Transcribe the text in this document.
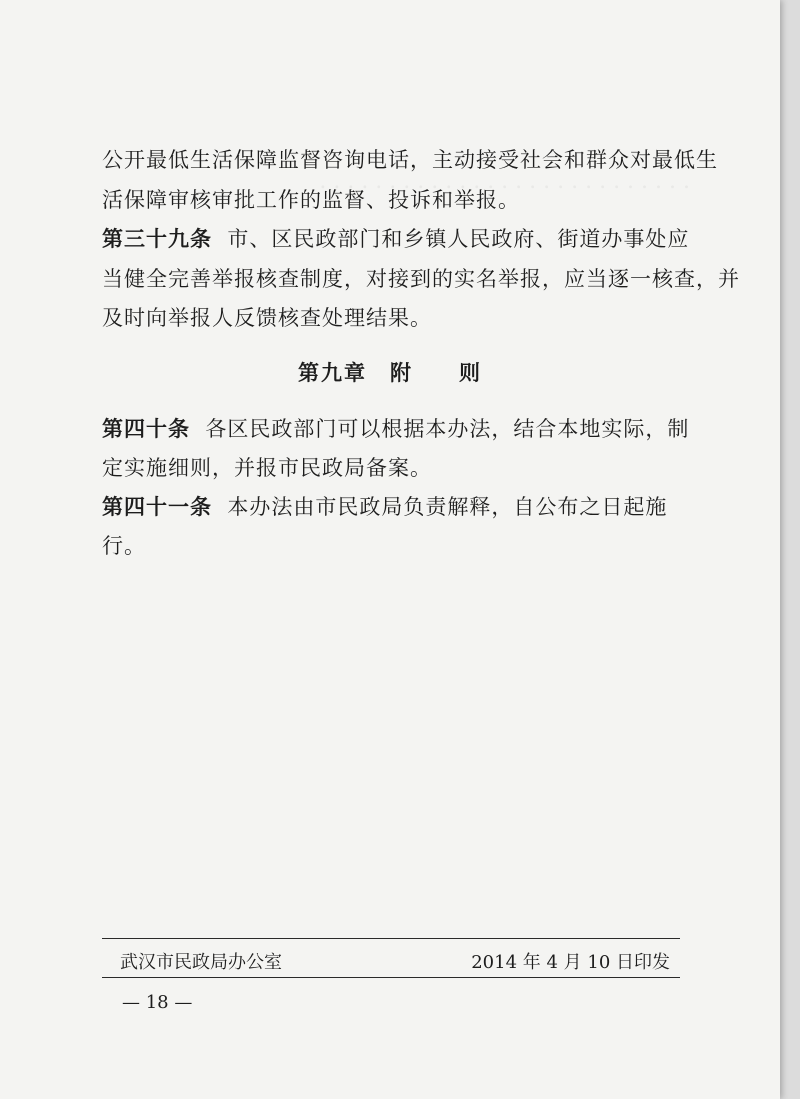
. . . . . . . . . . . . . . . . . . . . . . . . . . .
公开最低生活保障监督咨询电话，主动接受社会和群众对最低生
活保障审核审批工作的监督、投诉和举报。
第三十九条 市、区民政部门和乡镇人民政府、街道办事处应
当健全完善举报核查制度，对接到的实名举报，应当逐一核查，并
及时向举报人反馈核查处理结果。
第九章　附　　则
第四十条 各区民政部门可以根据本办法，结合本地实际，制
定实施细则，并报市民政局备案。
第四十一条 本办法由市民政局负责解释，自公布之日起施
行。
武汉市民政局办公室	2014 年 4 月 10 日印发
— 18 —
